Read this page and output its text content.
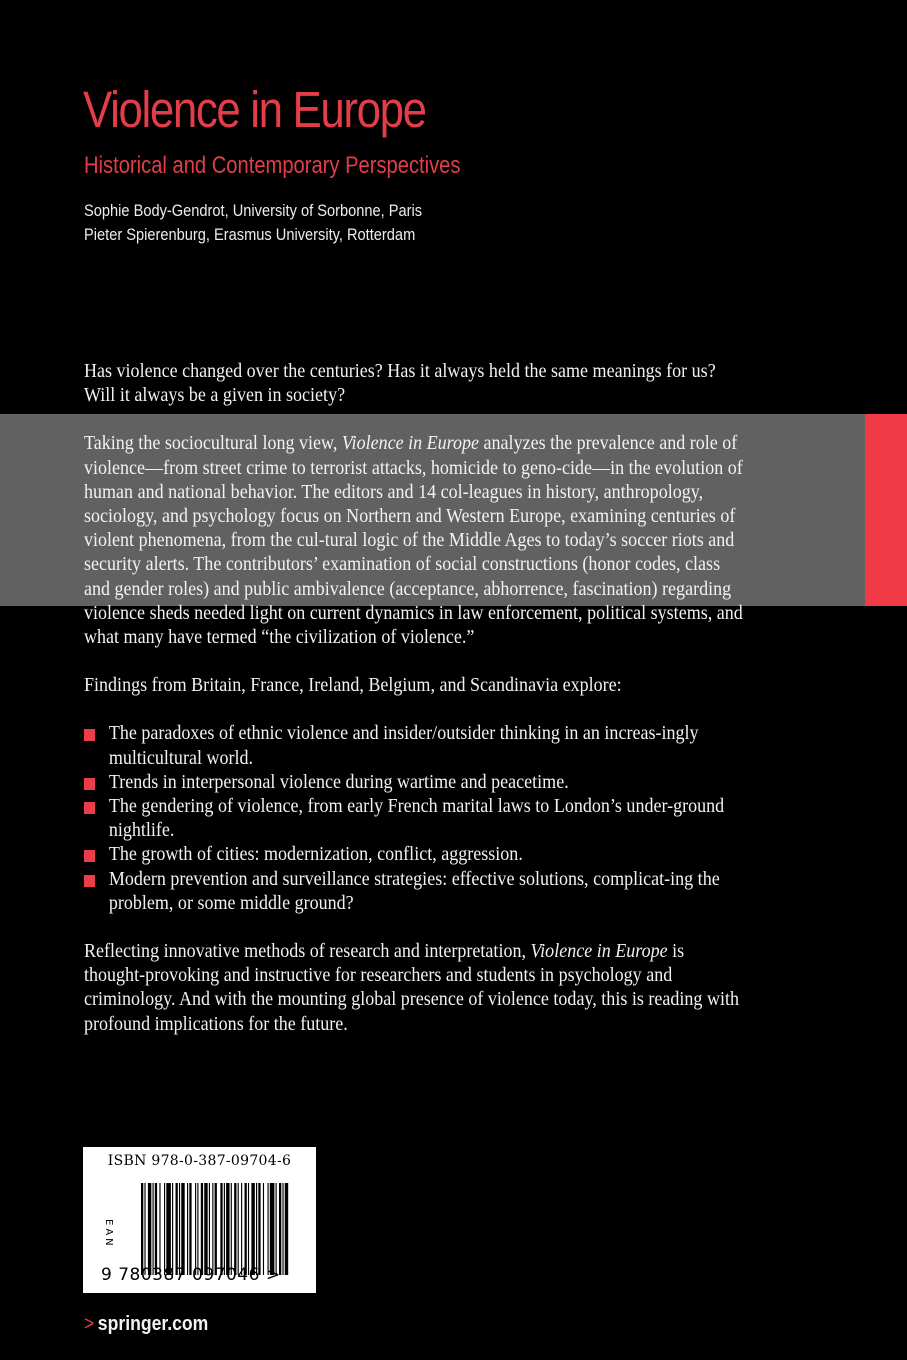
Violence in Europe
Historical and Contemporary Perspectives
Sophie Body-Gendrot, University of Sorbonne, Paris
Pieter Spierenburg, Erasmus University, Rotterdam

Has violence changed over the centuries? Has it always held the same meanings for us? Will it always be a given in society?

Taking the sociocultural long view, Violence in Europe analyzes the prevalence and role of violence—from street crime to terrorist attacks, homicide to geno-cide—in the evolution of human and national behavior. The editors and 14 col-leagues in history, anthropology, sociology, and psychology focus on Northern and Western Europe, examining centuries of violent phenomena, from the cul-tural logic of the Middle Ages to today’s soccer riots and security alerts. The contributors’ examination of social constructions (honor codes, class and gender roles) and public ambivalence (acceptance, abhorrence, fascination) regarding violence sheds needed light on current dynamics in law enforcement, political systems, and what many have termed “the civilization of violence.”

Findings from Britain, France, Ireland, Belgium, and Scandinavia explore:

The paradoxes of ethnic violence and insider/outsider thinking in an increas-ingly multicultural world.
Trends in interpersonal violence during wartime and peacetime.
The gendering of violence, from early French marital laws to London’s under-ground nightlife.
The growth of cities: modernization, conflict, aggression.
Modern prevention and surveillance strategies: effective solutions, complicat-ing the problem, or some middle ground?

Reflecting innovative methods of research and interpretation, Violence in Europe is thought-provoking and instructive for researchers and students in psychology and criminology. And with the mounting global presence of violence today, this is reading with profound implications for the future.

ISBN 978-0-387-09704-6
EAN
9 780387 097046 >
> springer.com
